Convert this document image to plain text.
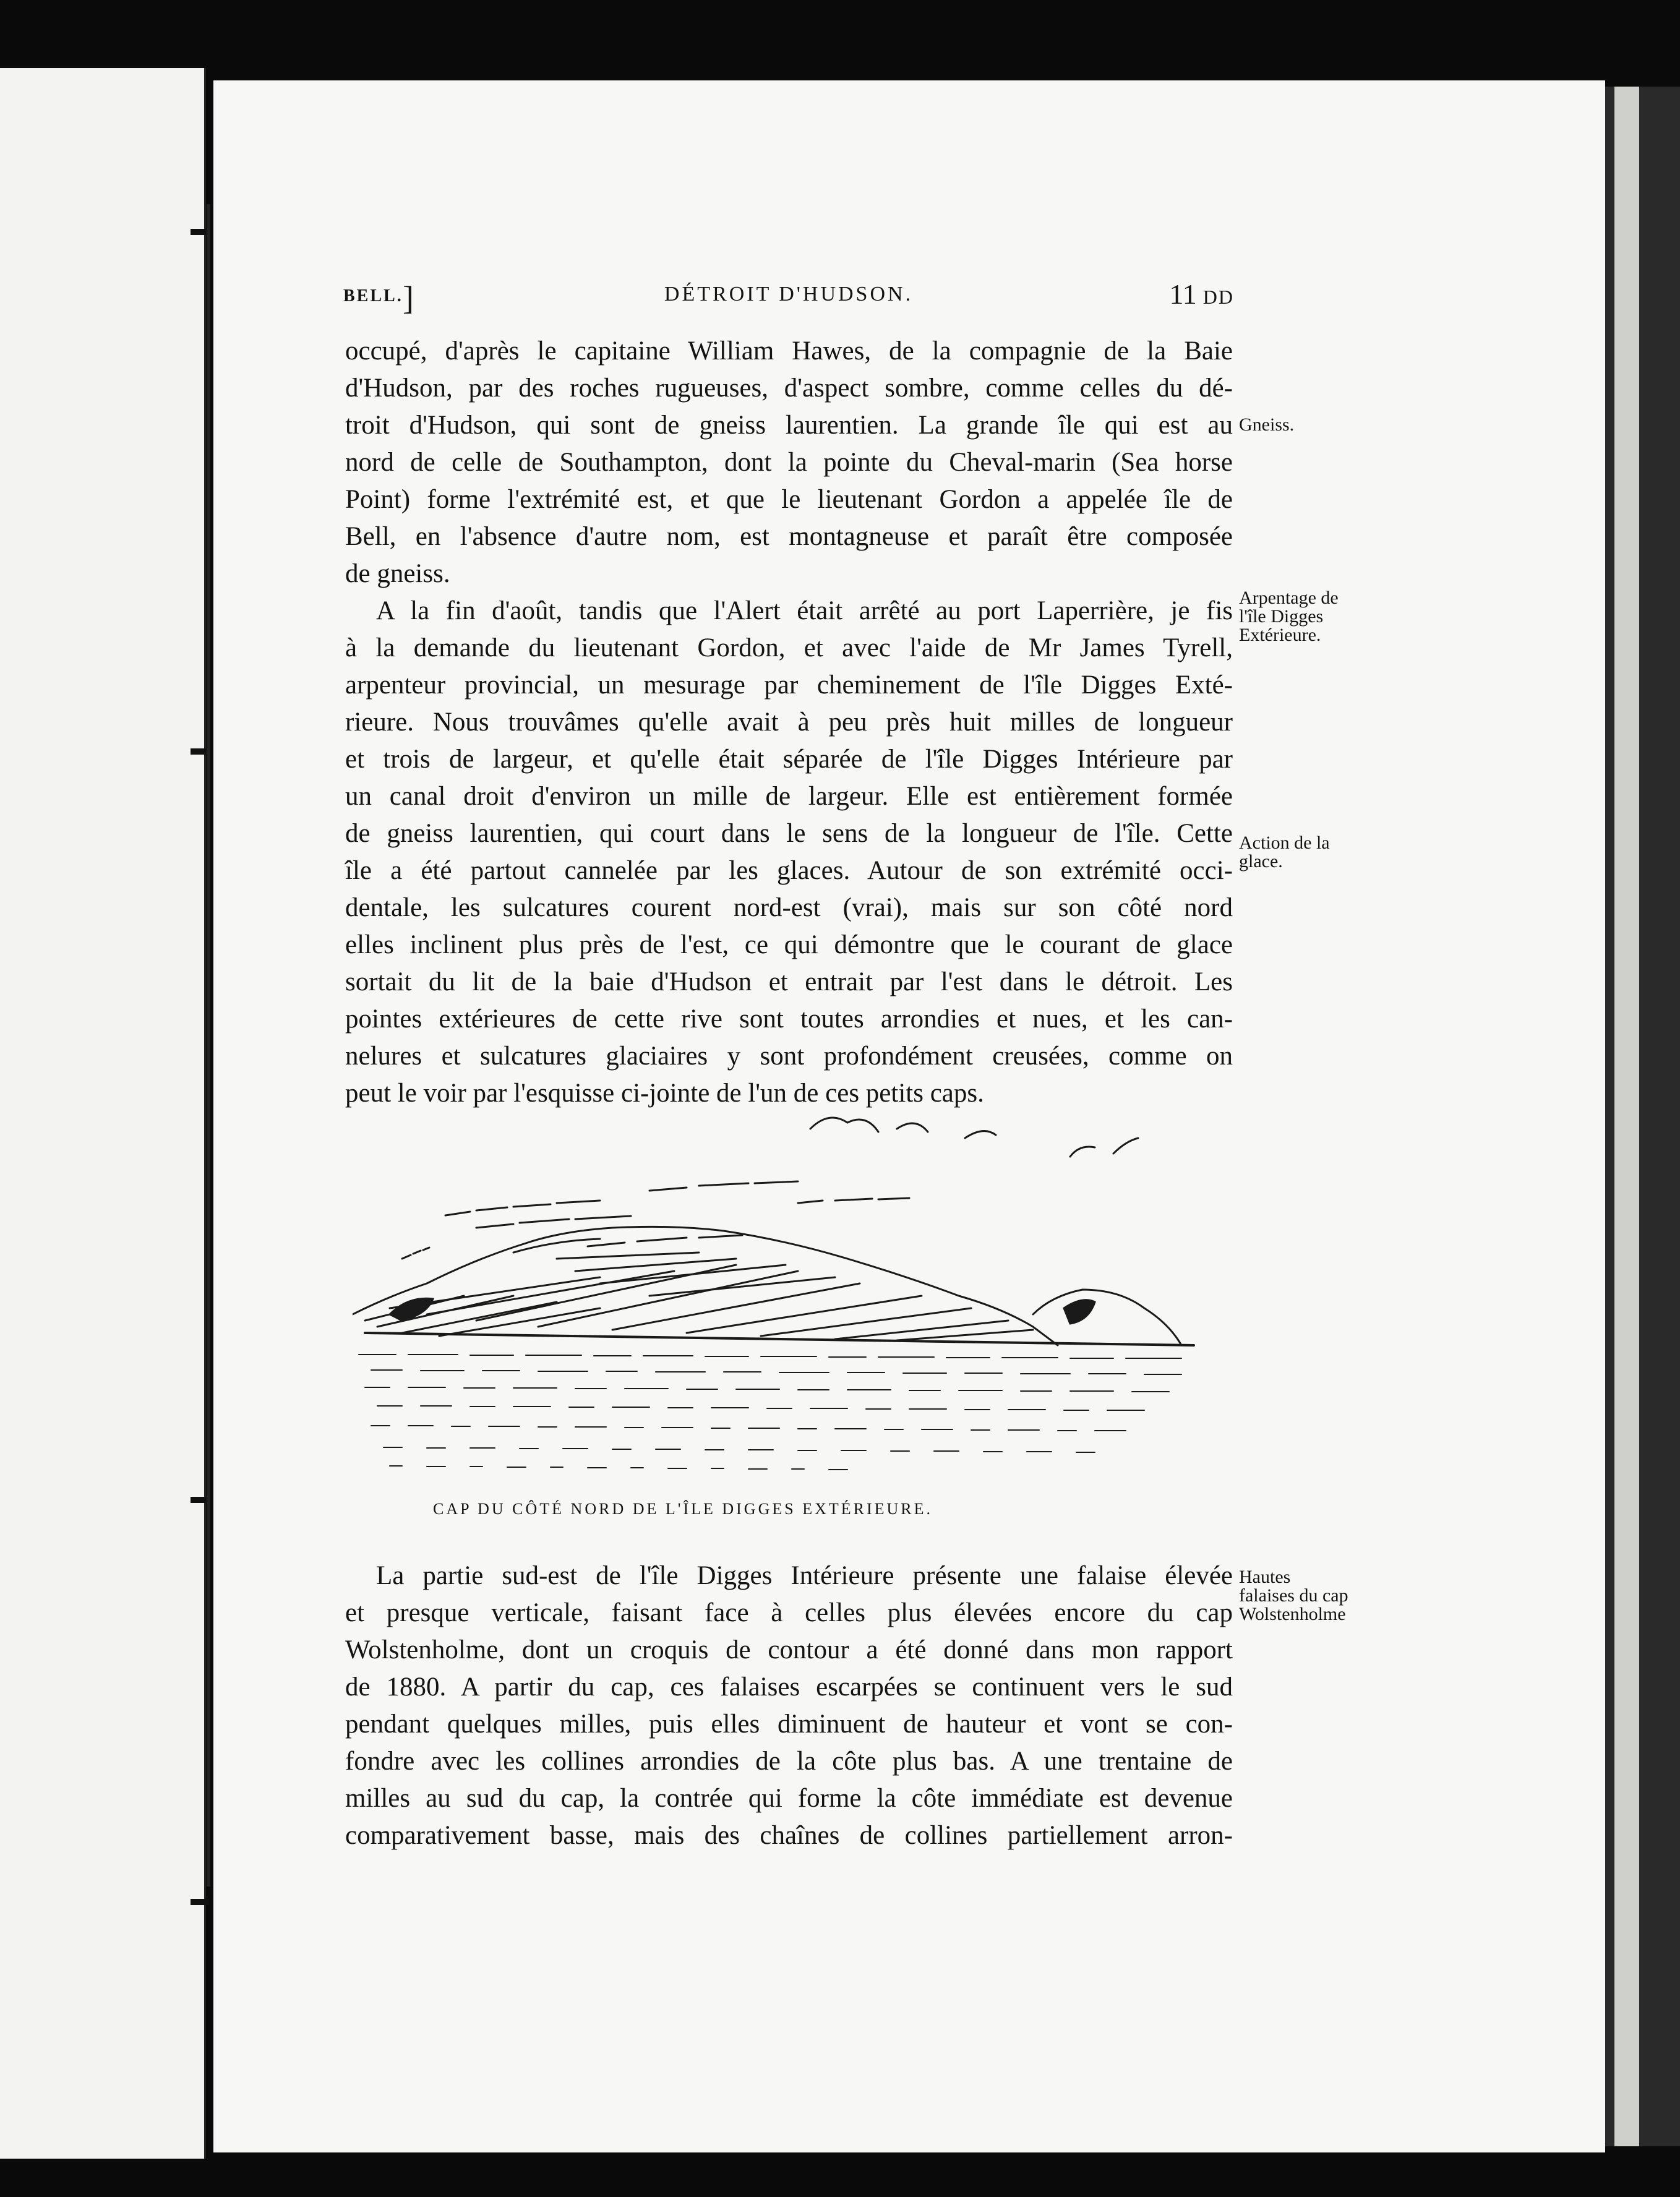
BELL. ]	DÉTROIT D'HUDSON.	11 DD
occupé, d'après le capitaine William Hawes, de la compagnie de la Baie
d'Hudson, par des roches rugueuses, d'aspect sombre, comme celles du dé-
troit d'Hudson, qui sont de gneiss laurentien. La grande île qui est au
nord de celle de Southampton, dont la pointe du Cheval-marin (Sea horse
Point) forme l'extrémité est, et que le lieutenant Gordon a appelée île de
Bell, en l'absence d'autre nom, est montagneuse et paraît être composée
de gneiss.
A la fin d'août, tandis que l'Alert était arrêté au port Laperrière, je fis
à la demande du lieutenant Gordon, et avec l'aide de Mr James Tyrell,
arpenteur provincial, un mesurage par cheminement de l'île Digges Exté-
rieure. Nous trouvâmes qu'elle avait à peu près huit milles de longueur
et trois de largeur, et qu'elle était séparée de l'île Digges Intérieure par
un canal droit d'environ un mille de largeur. Elle est entièrement formée
de gneiss laurentien, qui court dans le sens de la longueur de l'île. Cette
île a été partout cannelée par les glaces. Autour de son extrémité occi-
dentale, les sulcatures courent nord-est (vrai), mais sur son côté nord
elles inclinent plus près de l'est, ce qui démontre que le courant de glace
sortait du lit de la baie d'Hudson et entrait par l'est dans le détroit. Les
pointes extérieures de cette rive sont toutes arrondies et nues, et les can-
nelures et sulcatures glaciaires y sont profondément creusées, comme on
peut le voir par l'esquisse ci-jointe de l'un de ces petits caps.
Gneiss.
Arpentage de
l'île Digges
Extérieure.
Action de la
glace.
Hautes
falaises du cap
Wolstenholme
CAP DU CÔTÉ NORD DE L'ÎLE DIGGES EXTÉRIEURE.
La partie sud-est de l'île Digges Intérieure présente une falaise élevée
et presque verticale, faisant face à celles plus élevées encore du cap
Wolstenholme, dont un croquis de contour a été donné dans mon rapport
de 1880. A partir du cap, ces falaises escarpées se continuent vers le sud
pendant quelques milles, puis elles diminuent de hauteur et vont se con-
fondre avec les collines arrondies de la côte plus bas. A une trentaine de
milles au sud du cap, la contrée qui forme la côte immédiate est devenue
comparativement basse, mais des chaînes de collines partiellement arron-
